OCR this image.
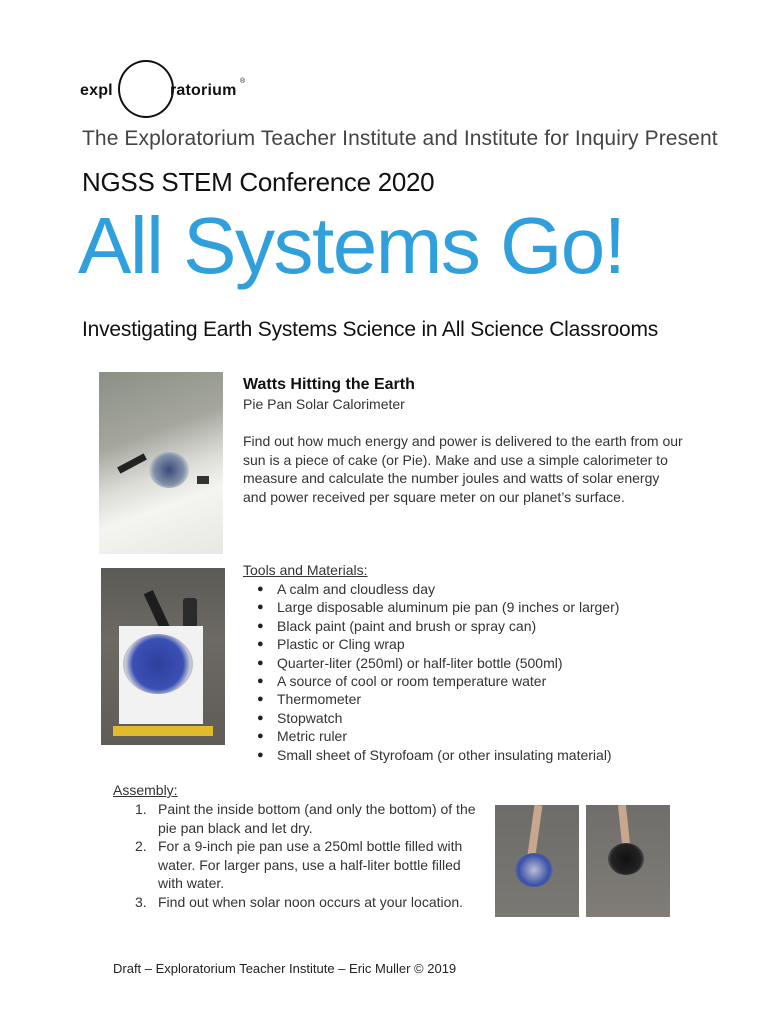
expl	ratorium
®
The Exploratorium Teacher Institute and Institute for Inquiry Present
NGSS STEM Conference 2020
All Systems Go!
Investigating Earth Systems Science in All Science Classrooms
Watts Hitting the Earth
Pie Pan Solar Calorimeter
Find out how much energy and power is delivered to the earth from our sun is a piece of cake (or Pie). Make and use a simple calorimeter to measure and calculate the number joules and watts of solar energy and power received per square meter on our planet’s surface.
Tools and Materials:
● A calm and cloudless day
● Large disposable aluminum pie pan (9 inches or larger)
● Black paint (paint and brush or spray can)
● Plastic or Cling wrap
● Quarter-liter (250ml) or half-liter bottle (500ml)
● A source of cool or room temperature water
● Thermometer
● Stopwatch
● Metric ruler
● Small sheet of Styrofoam (or other insulating material)
Assembly:
1. Paint the inside bottom (and only the bottom) of the pie pan black and let dry.
2. For a 9-inch pie pan use a 250ml bottle filled with water. For larger pans, use a half-liter bottle filled with water.
3. Find out when solar noon occurs at your location.
Draft – Exploratorium Teacher Institute – Eric Muller © 2019
